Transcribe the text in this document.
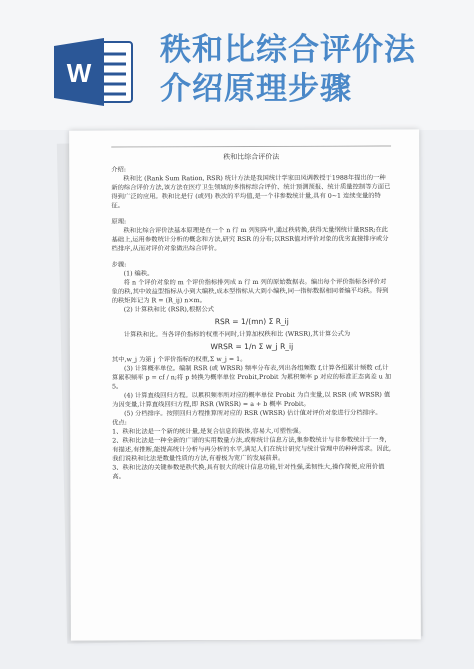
W
秩和比综合评价法
介绍原理步骤
秩和比综合评价法

介绍:

秩和比 (Rank Sum Ration, RSR) 统计方法是我国统计学家田凤调教授于1988年提出的一种新的综合评价方法,该方法在医疗卫生领域的多指标综合评价、统计预测预报、统计质量控制等方面已得到广泛的应用。秩和比是行 (或列) 秩次的平均值,是一个非参数统计量,具有 0~1 连续变量的特征。

原理:

秩和比综合评价法基本原理是在一个 n 行 m 列矩阵中,通过秩转换,获得无量纲统计量RSR;在此基础上,运用参数统计分析的概念和方法,研究 RSR 的分布;以RSR值对评价对象的优劣直接排序或分档排序,从而对评价对象做出综合评价。

步骤:

(1) 编秩。

将 n 个评价对象的 m 个评价指标排列成 n 行 m 列的原始数据表。编出每个评价指标各评价对象的秩,其中效益型指标从小到大编秩,成本型指标从大到小编秩,同一指标数据相同者编平均秩。得到的秩矩阵记为 R = (R_ij) n×m。

(2) 计算秩和比 (RSR),根据公式

RSR = 1/(mn) Σ R_ij

计算秩和比。当各评价指标的权重不同时,计算加权秩和比 (WRSR),其计算公式为

WRSR = 1/n Σ w_j R_ij

其中,w_j 为第 j 个评价指标的权重,Σ w_j = 1。

(3) 计算概率单位。编制 RSR (或 WRSR) 频率分布表,列出各组频数 f,计算各组累计频数 cf,计算累积频率 p = cf / n;将 p 转换为概率单位 Probit,Probit 为累积频率 p 对应的标准正态离差 u 加 5。

(4) 计算直线回归方程。以累积频率所对应的概率单位 Probit 为自变量,以 RSR (或 WRSR) 值为因变量,计算直线回归方程,即 RSR (WRSR) = a + b 概率 Probit。

(5) 分档排序。按照回归方程推算所对应的 RSR (WRSR) 估计值对评价对象进行分档排序。

优点:

1、秩和比法是一个新的统计量,是复合信息的载体,容易大,可塑性强。

2、秩和比法是一种全新的广谱的实用数量方法,或称统计信息方法,集参数统计与非参数统计于一身,有描述,有推断,能提高统计分析与再分析的水平,满足人们在统计研究与统计管理中的种种需求。因此,我们说秩和比法是数量性质的方法,有着极为宽广的发展前景。

3、秩和比法的关键参数是秩代换,具有很大的统计信息功能,针对性强,柔韧性大,操作简便,应用价值高。
